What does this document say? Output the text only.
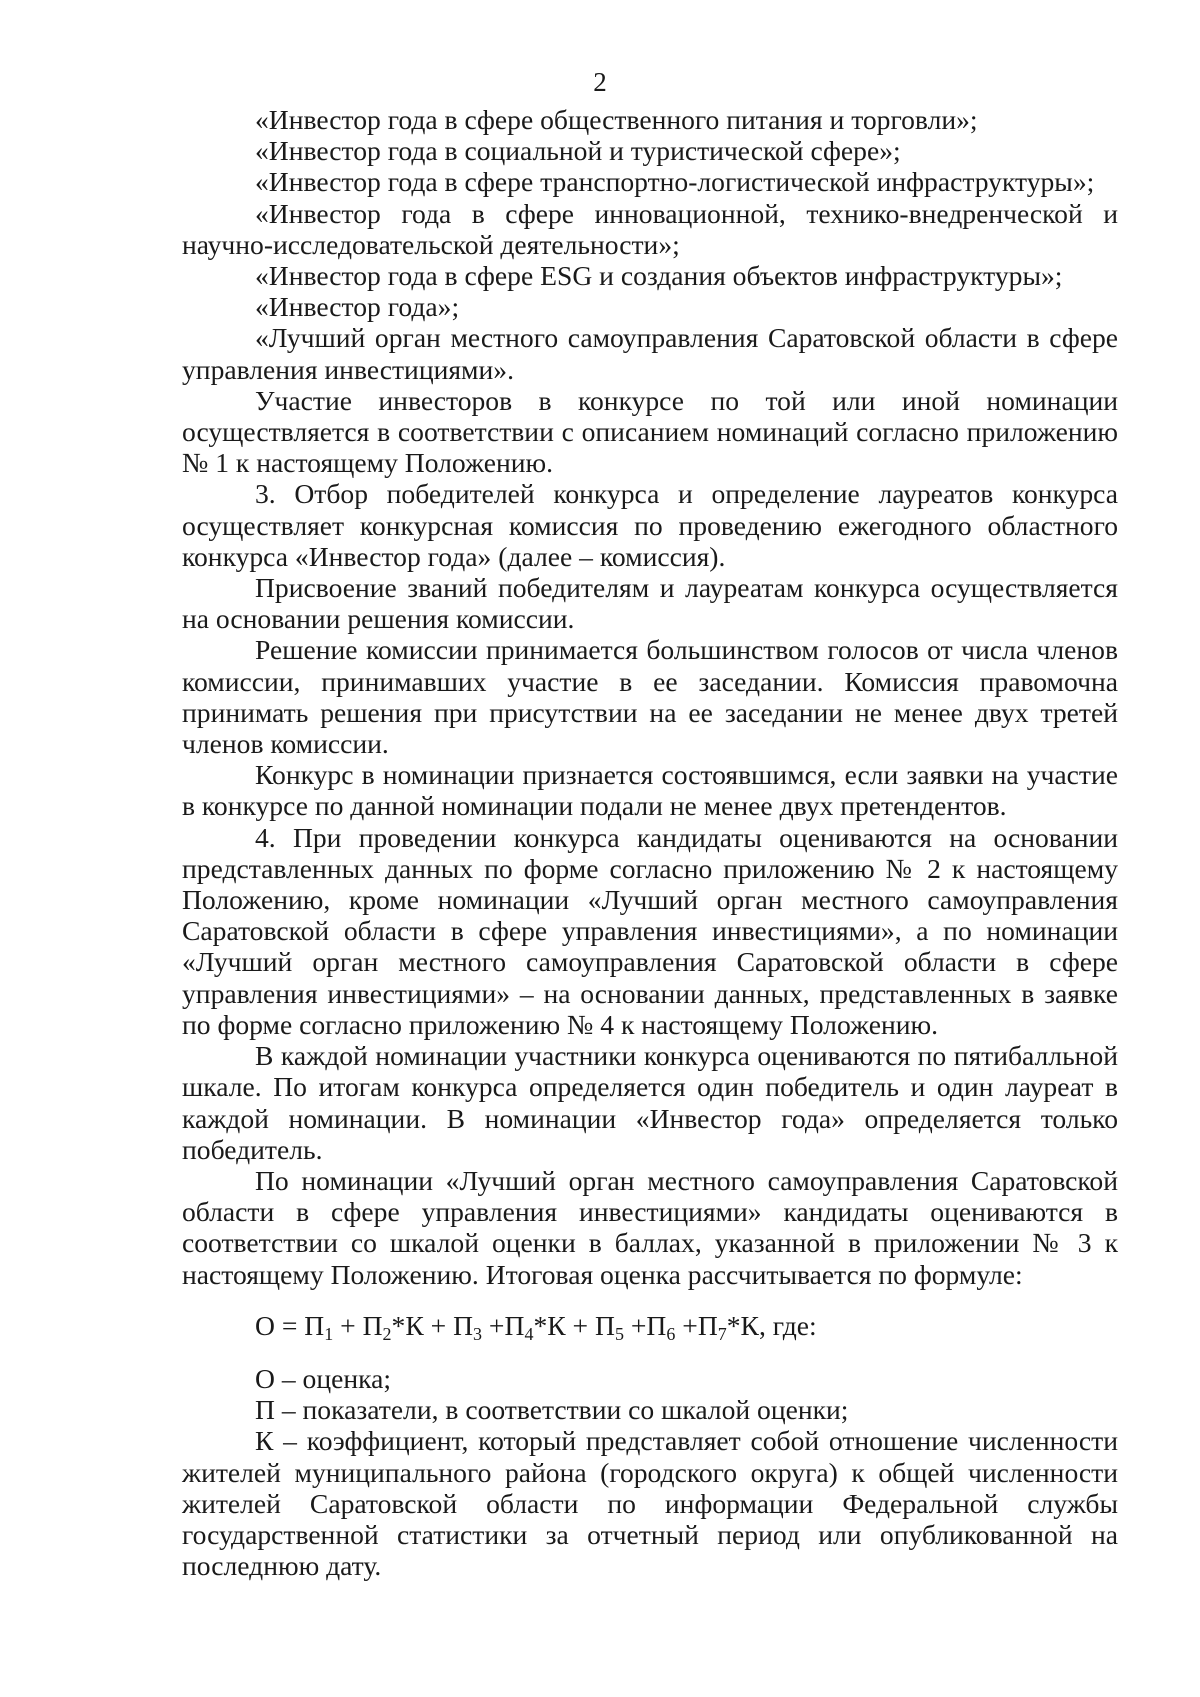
2

«Инвестор года в сфере общественного питания и торговли»;

«Инвестор года в социальной и туристической сфере»;

«Инвестор года в сфере транспортно-логистической инфраструктуры»;

«Инвестор года в сфере инновационной, технико-внедренческой и научно-исследовательской деятельности»;

«Инвестор года в сфере ESG и создания объектов инфраструктуры»;

«Инвестор года»;

«Лучший орган местного самоуправления Саратовской области в сфере управления инвестициями».

Участие инвесторов в конкурсе по той или иной номинации осуществляется в соответствии с описанием номинаций согласно приложению № 1 к настоящему Положению.

3. Отбор победителей конкурса и определение лауреатов конкурса осуществляет конкурсная комиссия по проведению ежегодного областного конкурса «Инвестор года» (далее – комиссия).

Присвоение званий победителям и лауреатам конкурса осуществляется на основании решения комиссии.

Решение комиссии принимается большинством голосов от числа членов комиссии, принимавших участие в ее заседании. Комиссия правомочна принимать решения при присутствии на ее заседании не менее двух третей членов комиссии.

Конкурс в номинации признается состоявшимся, если заявки на участие в конкурсе по данной номинации подали не менее двух претендентов.

4. При проведении конкурса кандидаты оцениваются на основании представленных данных по форме согласно приложению № 2 к настоящему Положению, кроме номинации «Лучший орган местного самоуправления Саратовской области в сфере управления инвестициями», а по номинации «Лучший орган местного самоуправления Саратовской области в сфере управления инвестициями» – на основании данных, представленных в заявке по форме согласно приложению № 4 к настоящему Положению.

В каждой номинации участники конкурса оцениваются по пятибалльной шкале. По итогам конкурса определяется один победитель и один лауреат в каждой номинации. В номинации «Инвестор года» определяется только победитель.

По номинации «Лучший орган местного самоуправления Саратовской области в сфере управления инвестициями» кандидаты оцениваются в соответствии со шкалой оценки в баллах, указанной в приложении № 3 к настоящему Положению. Итоговая оценка рассчитывается по формуле:

$О = П_1 + П_2*К + П_3 +П_4*К + П_5 +П_6 +П_7*К$, где:

О – оценка;

П – показатели, в соответствии со шкалой оценки;

К – коэффициент, который представляет собой отношение численности жителей муниципального района (городского округа) к общей численности жителей Саратовской области по информации Федеральной службы государственной статистики за отчетный период или опубликованной на последнюю дату.
